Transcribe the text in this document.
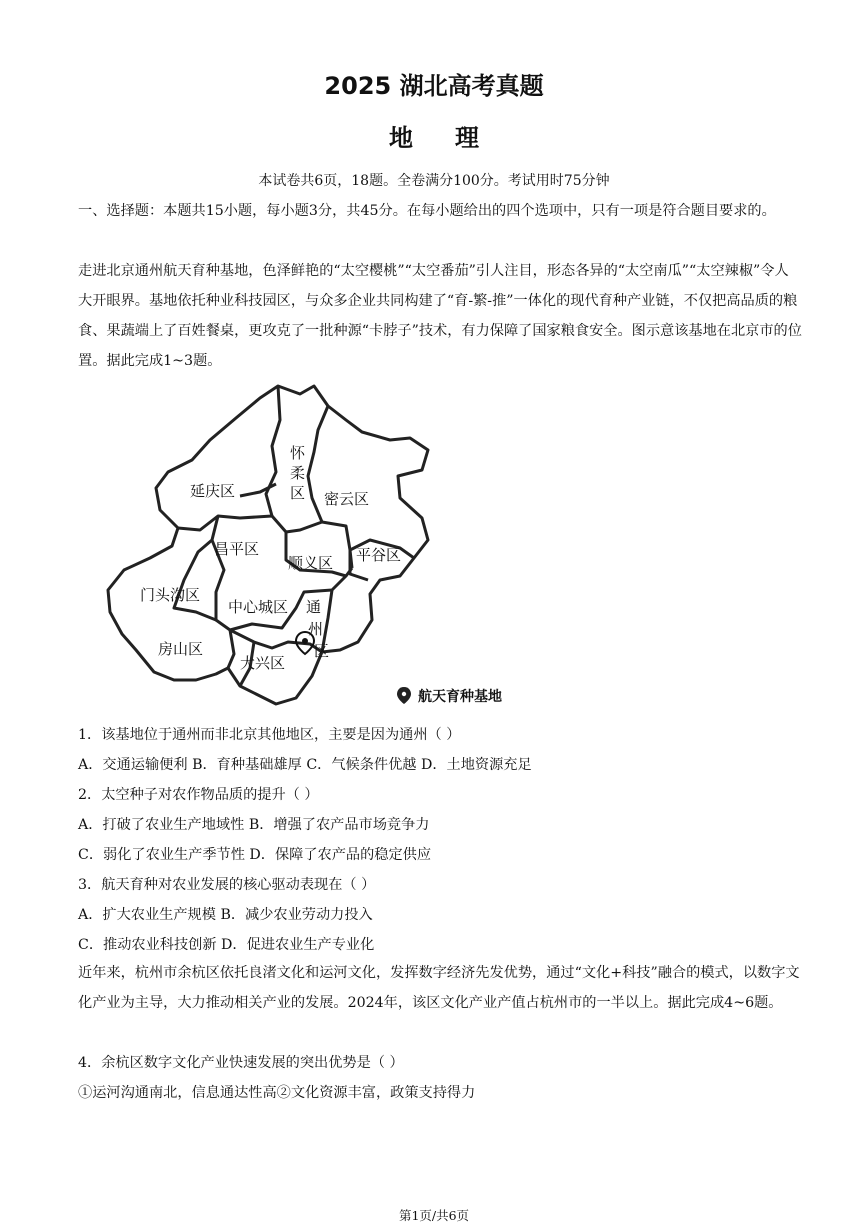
2025 湖北高考真题
地理
本试卷共6页，18题。全卷满分100分。考试用时75分钟

一、选择题：本题共15小题，每小题3分，共45分。在每小题给出的四个选项中，只有一项是符合题目要求的。

走进北京通州航天育种基地，色泽鲜艳的“太空樱桃”“太空番茄”引人注目，形态各异的“太空南瓜”“太空辣椒”令人大开眼界。基地依托种业科技园区，与众多企业共同构建了“育-繁-推”一体化的现代育种产业链，不仅把高品质的粮食、果蔬端上了百姓餐桌，更攻克了一批种源“卡脖子”技术，有力保障了国家粮食安全。图示意该基地在北京市的位置。据此完成1~3题。

延庆区
怀
柔
区 密云区
昌平区
顺义区 平谷区
门头沟区
中心城区 通
州
区
房山区
大兴区
航天育种基地

1．该基地位于通州而非北京其他地区，主要是因为通州（ ）

A．交通运输便利 B．育种基础雄厚 C．气候条件优越 D．土地资源充足

2．太空种子对农作物品质的提升（ ）

A．打破了农业生产地域性 B．增强了农产品市场竞争力

C．弱化了农业生产季节性 D．保障了农产品的稳定供应

3．航天育种对农业发展的核心驱动表现在（ ）

A．扩大农业生产规模 B．减少农业劳动力投入

C．推动农业科技创新 D．促进农业生产专业化

近年来，杭州市余杭区依托良渚文化和运河文化，发挥数字经济先发优势，通过“文化+科技”融合的模式，以数字文化产业为主导，大力推动相关产业的发展。2024年，该区文化产业产值占杭州市的一半以上。据此完成4~6题。

4．余杭区数字文化产业快速发展的突出优势是（ ）

①运河沟通南北，信息通达性高②文化资源丰富，政策支持得力

第1页/共6页
